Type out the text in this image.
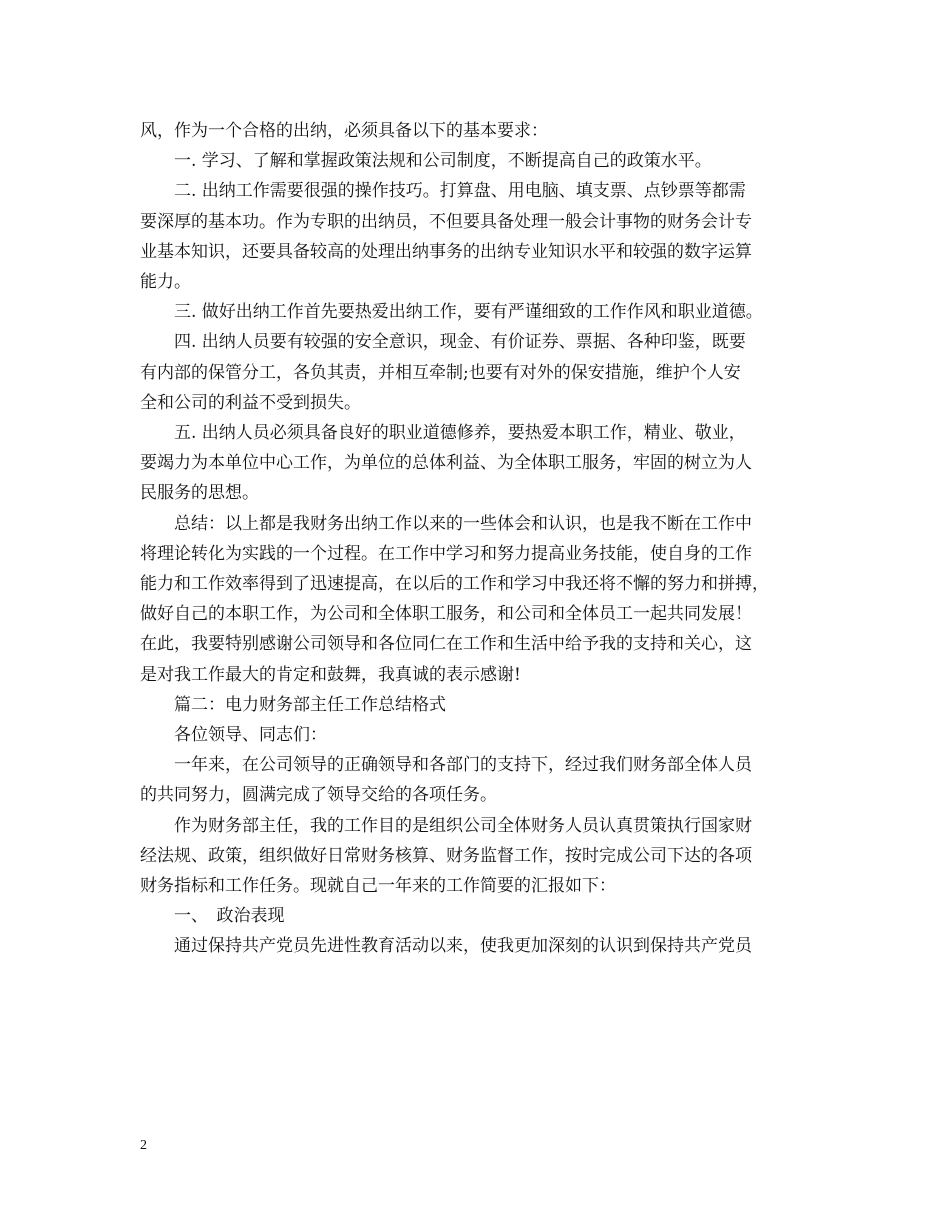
风，作为一个合格的出纳，必须具备以下的基本要求：

　　一. 学习、了解和掌握政策法规和公司制度，不断提高自己的政策水平。

　　二. 出纳工作需要很强的操作技巧。打算盘、用电脑、填支票、点钞票等都需

要深厚的基本功。作为专职的出纳员，不但要具备处理一般会计事物的财务会计专

业基本知识，还要具备较高的处理出纳事务的出纳专业知识水平和较强的数字运算

能力。

　　三. 做好出纳工作首先要热爱出纳工作，要有严谨细致的工作作风和职业道德。

　　四. 出纳人员要有较强的安全意识，现金、有价证券、票据、各种印鉴，既要

有内部的保管分工，各负其责，并相互牵制;也要有对外的保安措施，维护个人安

全和公司的利益不受到损失。

　　五. 出纳人员必须具备良好的职业道德修养，要热爱本职工作，精业、敬业，

要竭力为本单位中心工作，为单位的总体利益、为全体职工服务，牢固的树立为人

民服务的思想。

　　总结：以上都是我财务出纳工作以来的一些体会和认识，也是我不断在工作中

将理论转化为实践的一个过程。在工作中学习和努力提高业务技能，使自身的工作

能力和工作效率得到了迅速提高，在以后的工作和学习中我还将不懈的努力和拼搏，

做好自己的本职工作，为公司和全体职工服务，和公司和全体员工一起共同发展！

在此，我要特别感谢公司领导和各位同仁在工作和生活中给予我的支持和关心，这

是对我工作最大的肯定和鼓舞，我真诚的表示感谢!

　　篇二：电力财务部主任工作总结格式

　　各位领导、同志们：

　　一年来，在公司领导的正确领导和各部门的支持下，经过我们财务部全体人员

的共同努力，圆满完成了领导交给的各项任务。

　　作为财务部主任，我的工作目的是组织公司全体财务人员认真贯策执行国家财

经法规、政策，组织做好日常财务核算、财务监督工作，按时完成公司下达的各项

财务指标和工作任务。现就自己一年来的工作简要的汇报如下：

　　一、　政治表现

　　通过保持共产党员先进性教育活动以来，使我更加深刻的认识到保持共产党员

2
